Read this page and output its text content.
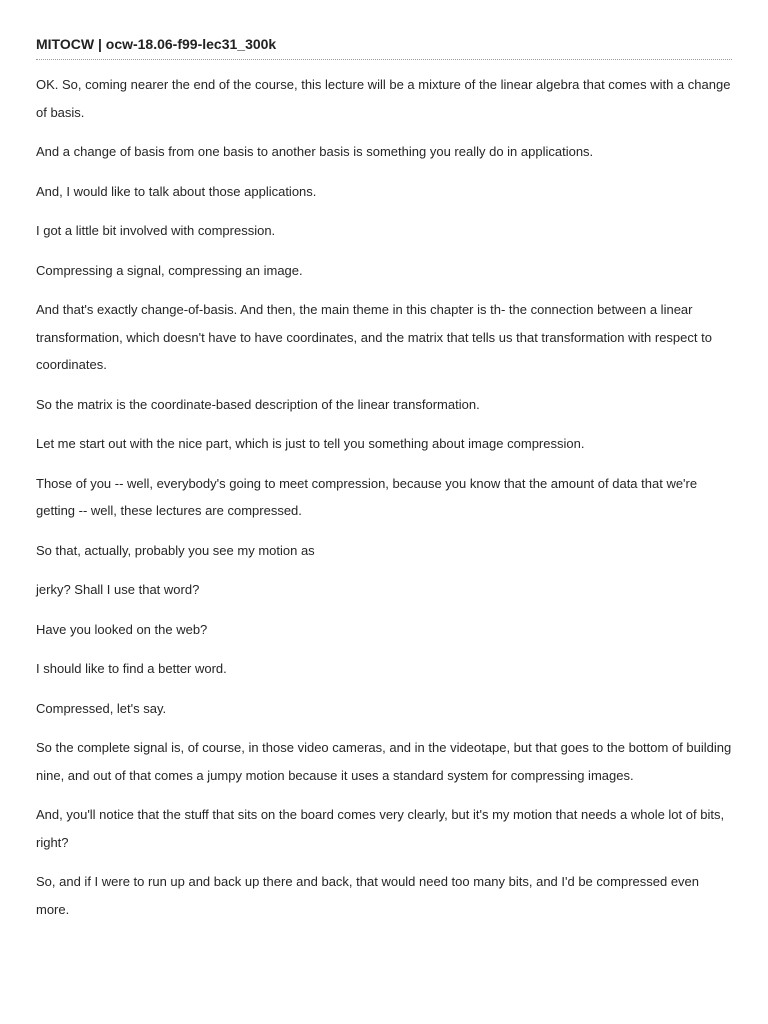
MITOCW | ocw-18.06-f99-lec31_300k

OK. So, coming nearer the end of the course, this lecture will be a mixture of the linear algebra that comes with a change of basis.

And a change of basis from one basis to another basis is something you really do in applications.

And, I would like to talk about those applications.

I got a little bit involved with compression.

Compressing a signal, compressing an image.

And that's exactly change-of-basis. And then, the main theme in this chapter is th- the connection between a linear transformation, which doesn't have to have coordinates, and the matrix that tells us that transformation with respect to coordinates.

So the matrix is the coordinate-based description of the linear transformation.

Let me start out with the nice part, which is just to tell you something about image compression.

Those of you -- well, everybody's going to meet compression, because you know that the amount of data that we're getting -- well, these lectures are compressed.

So that, actually, probably you see my motion as

jerky? Shall I use that word?

Have you looked on the web?

I should like to find a better word.

Compressed, let's say.

So the complete signal is, of course, in those video cameras, and in the videotape, but that goes to the bottom of building nine, and out of that comes a jumpy motion because it uses a standard system for compressing images.

And, you'll notice that the stuff that sits on the board comes very clearly, but it's my motion that needs a whole lot of bits, right?

So, and if I were to run up and back up there and back, that would need too many bits, and I'd be compressed even more.
